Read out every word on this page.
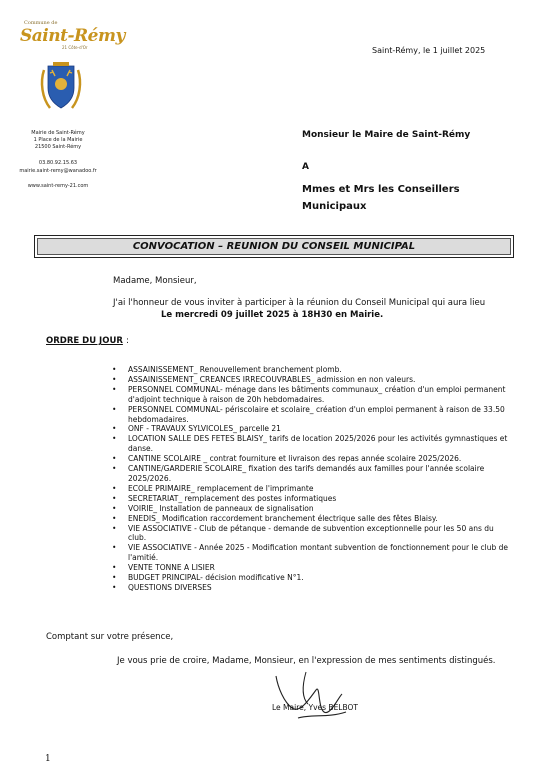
Commune de
Saint-Rémy
21 Côte-d'Or
Mairie de Saint-Rémy
1 Place de la Mairie
21500 Saint-Rémy
03.80.92.15.63
mairie.saint-remy@wanadoo.fr
www.saint-remy-21.com
Saint-Rémy, le 1 juillet 2025
Monsieur le Maire de Saint-Rémy
A
Mmes et Mrs les Conseillers
Municipaux
CONVOCATION – REUNION DU CONSEIL MUNICIPAL
Madame, Monsieur,
J'ai l'honneur de vous inviter à participer à la réunion du Conseil Municipal qui aura lieu
Le mercredi 09 juillet 2025 à 18H30 en Mairie.
ORDRE DU JOUR :
• ASSAINISSEMENT_ Renouvellement branchement plomb.
• ASSAINISSEMENT_ CREANCES IRRECOUVRABLES_ admission en non valeurs.
• PERSONNEL COMMUNAL- ménage dans les bâtiments communaux_ création d'un emploi permanent d'adjoint technique à raison de 20h hebdomadaires.
• PERSONNEL COMMUNAL- périscolaire et scolaire_ création d'un emploi permanent à raison de 33.50 hebdomadaires.
• ONF - TRAVAUX SYLVICOLES_ parcelle 21
• LOCATION SALLE DES FETES BLAISY_ tarifs de location 2025/2026 pour les activités gymnastiques et danse.
• CANTINE SCOLAIRE _ contrat fourniture et livraison des repas année scolaire 2025/2026.
• CANTINE/GARDERIE SCOLAIRE_ fixation des tarifs demandés aux familles pour l'année scolaire 2025/2026.
• ECOLE PRIMAIRE_ remplacement de l'imprimante
• SECRETARIAT_ remplacement des postes informatiques
• VOIRIE_ Installation de panneaux de signalisation
• ENEDIS_ Modification raccordement branchement électrique salle des fêtes Blaisy.
• VIE ASSOCIATIVE - Club de pétanque - demande de subvention exceptionnelle pour les 50 ans du club.
• VIE ASSOCIATIVE - Année 2025 - Modification montant subvention de fonctionnement pour le club de l'amitié.
• VENTE TONNE A LISIER
• BUDGET PRINCIPAL- décision modificative N°1.
• QUESTIONS DIVERSES
Comptant sur votre présence,
Je vous prie de croire, Madame, Monsieur, en l'expression de mes sentiments distingués.
Le Maire, Yves BELBOT
1
